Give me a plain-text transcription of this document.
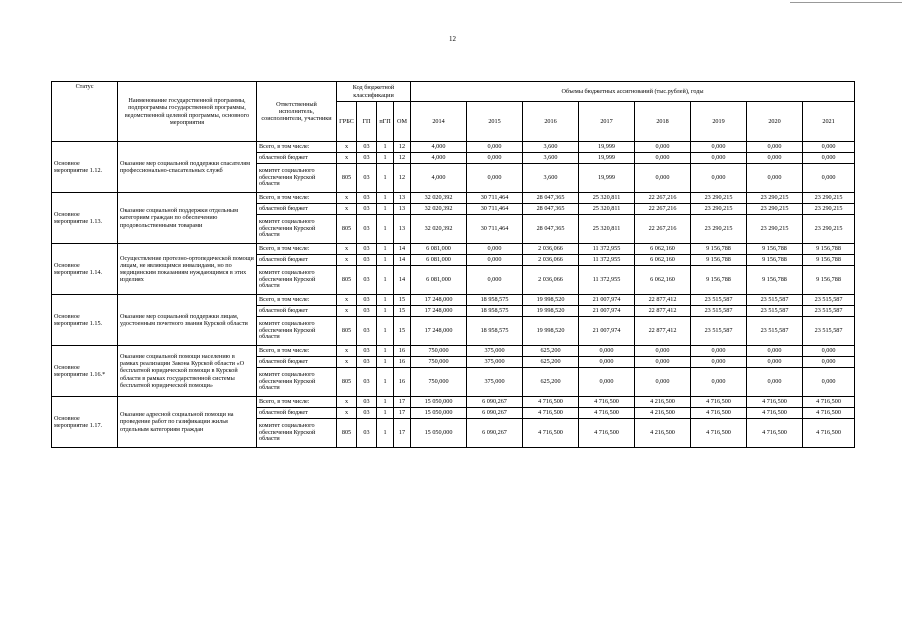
12
Статус	Наименование государственной программы, подпрограммы государственной программы, ведомственной целевой программы, основного мероприятия	Ответственный исполнитель, соисполнители, участники	Код бюджетной классификации				Объемы бюджетных ассигнований (тыс.рублей), годы							
			ГРБС	ГП	пГП	ОМ	2014	2015	2016	2017	2018	2019	2020	2021
Основное мероприятие 1.12.	Оказание мер социальной поддержки спасателям профессионально-спасательных служб	Всего, в том числе:	х	03	1	12	4,000	0,000	3,600	19,999	0,000	0,000	0,000	0,000
		областной бюджет	х	03	1	12	4,000	0,000	3,600	19,999	0,000	0,000	0,000	0,000
		комитет социального обеспечения Курской области	805	03	1	12	4,000	0,000	3,600	19,999	0,000	0,000	0,000	0,000
Основное мероприятие 1.13.	Оказание социальной поддержки отдельным категориям граждан по обеспечению продовольственными товарами	Всего, в том числе:	х	03	1	13	32 020,392	30 711,464	28 047,365	25 320,811	22 267,216	23 290,215	23 290,215	23 290,215
		областной бюджет	х	03	1	13	32 020,392	30 711,464	28 047,365	25 320,811	22 267,216	23 290,215	23 290,215	23 290,215
		комитет социального обеспечения Курской области	805	03	1	13	32 020,392	30 711,464	28 047,365	25 320,811	22 267,216	23 290,215	23 290,215	23 290,215
Основное мероприятие 1.14.	Осуществление протезно-ортопедической помощи лицам, не являющимся инвалидами, но по медицинским показаниям нуждающимся в этих изделиях	Всего, в том числе:	х	03	1	14	6 081,000	0,000	2 036,066	11 372,955	6 062,160	9 156,788	9 156,788	9 156,788
		областной бюджет	х	03	1	14	6 081,000	0,000	2 036,066	11 372,955	6 062,160	9 156,788	9 156,788	9 156,788
		комитет социального обеспечения Курской области	805	03	1	14	6 081,000	0,000	2 036,066	11 372,955	6 062,160	9 156,788	9 156,788	9 156,788
Основное мероприятие 1.15.	Оказание мер социальной поддержки лицам, удостоенным почетного звания Курской области	Всего, в том числе:	х	03	1	15	17 248,000	18 958,575	19 998,520	21 007,974	22 877,412	23 515,587	23 515,587	23 515,587
		областной бюджет	х	03	1	15	17 248,000	18 958,575	19 998,520	21 007,974	22 877,412	23 515,587	23 515,587	23 515,587
		комитет социального обеспечения Курской области	805	03	1	15	17 248,000	18 958,575	19 998,520	21 007,974	22 877,412	23 515,587	23 515,587	23 515,587
Основное мероприятие 1.16.*	Оказание социальной помощи населению в рамках реализации Закона Курской области «О бесплатной юридической помощи в Курской области в рамках государственной системы бесплатной юридической помощи»	Всего, в том числе:	х	03	1	16	750,000	375,000	625,200	0,000	0,000	0,000	0,000	0,000
		областной бюджет	х	03	1	16	750,000	375,000	625,200	0,000	0,000	0,000	0,000	0,000
		комитет социального обеспечения Курской области	805	03	1	16	750,000	375,000	625,200	0,000	0,000	0,000	0,000	0,000
Основное мероприятие 1.17.	Оказание адресной социальной помощи на проведение работ по газификации жилья отдельным категориям граждан	Всего, в том числе:	х	03	1	17	15 050,000	6 090,267	4 716,500	4 716,500	4 216,500	4 716,500	4 716,500	4 716,500
		областной бюджет	х	03	1	17	15 050,000	6 090,267	4 716,500	4 716,500	4 216,500	4 716,500	4 716,500	4 716,500
		комитет социального обеспечения Курской области	805	03	1	17	15 050,000	6 090,267	4 716,500	4 716,500	4 216,500	4 716,500	4 716,500	4 716,500
